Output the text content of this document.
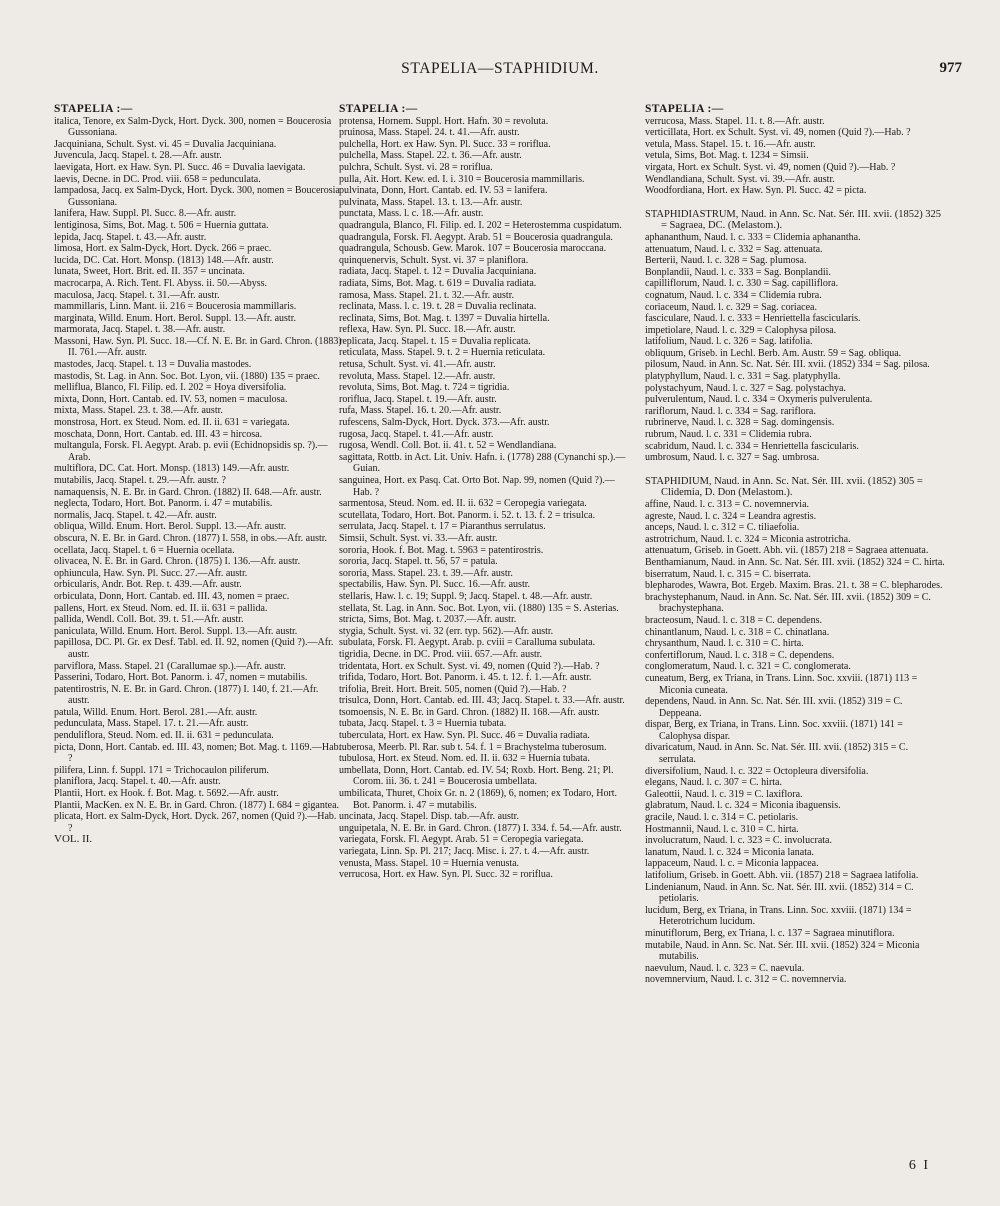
STAPELIA—STAPHIDIUM.	977

STAPELIA :—

italica, Tenore, ex Salm-Dyck, Hort. Dyck. 300, nomen = Boucerosia Gussoniana.

Jacquiniana, Schult. Syst. vi. 45 = Duvalia Jacquiniana.

Juvencula, Jacq. Stapel. t. 28.—Afr. austr.

laevigata, Hort. ex Haw. Syn. Pl. Succ. 46 = Duvalia laevigata.

laevis, Decne. in DC. Prod. viii. 658 = pedunculata.

lampadosa, Jacq. ex Salm-Dyck, Hort. Dyck. 300, nomen = Boucerosia Gussoniana.

lanifera, Haw. Suppl. Pl. Succ. 8.—Afr. austr.

lentiginosa, Sims, Bot. Mag. t. 506 = Huernia guttata.

lepida, Jacq. Stapel. t. 43.—Afr. austr.

limosa, Hort. ex Salm-Dyck, Hort. Dyck. 266 = praec.

lucida, DC. Cat. Hort. Monsp. (1813) 148.—Afr. austr.

lunata, Sweet, Hort. Brit. ed. II. 357 = uncinata.

macrocarpa, A. Rich. Tent. Fl. Abyss. ii. 50.—Abyss.

maculosa, Jacq. Stapel. t. 31.—Afr. austr.

mammillaris, Linn. Mant. ii. 216 = Boucerosia mammillaris.

marginata, Willd. Enum. Hort. Berol. Suppl. 13.—Afr. austr.

marmorata, Jacq. Stapel. t. 38.—Afr. austr.

Massoni, Haw. Syn. Pl. Succ. 18.—Cf. N. E. Br. in Gard. Chron. (1883) II. 761.—Afr. austr.

mastodes, Jacq. Stapel. t. 13 = Duvalia mastodes.

mastodis, St. Lag. in Ann. Soc. Bot. Lyon, vii. (1880) 135 = praec.

melliflua, Blanco, Fl. Filip. ed. I. 202 = Hoya diversifolia.

mixta, Donn, Hort. Cantab. ed. IV. 53, nomen = maculosa.

mixta, Mass. Stapel. 23. t. 38.—Afr. austr.

monstrosa, Hort. ex Steud. Nom. ed. II. ii. 631 = variegata.

moschata, Donn, Hort. Cantab. ed. III. 43 = hircosa.

multangula, Forsk. Fl. Aegypt. Arab. p. evii (Echidnopsidis sp. ?).—Arab.

multiflora, DC. Cat. Hort. Monsp. (1813) 149.—Afr. austr.

mutabilis, Jacq. Stapel. t. 29.—Afr. austr. ?

namaquensis, N. E. Br. in Gard. Chron. (1882) II. 648.—Afr. austr.

neglecta, Todaro, Hort. Bot. Panorm. i. 47 = mutabilis.

normalis, Jacq. Stapel. t. 42.—Afr. austr.

obliqua, Willd. Enum. Hort. Berol. Suppl. 13.—Afr. austr.

obscura, N. E. Br. in Gard. Chron. (1877) I. 558, in obs.—Afr. austr.

ocellata, Jacq. Stapel. t. 6 = Huernia ocellata.

olivacea, N. E. Br. in Gard. Chron. (1875) I. 136.—Afr. austr.

ophiuncula, Haw. Syn. Pl. Succ. 27.—Afr. austr.

orbicularis, Andr. Bot. Rep. t. 439.—Afr. austr.

orbiculata, Donn, Hort. Cantab. ed. III. 43, nomen = praec.

pallens, Hort. ex Steud. Nom. ed. II. ii. 631 = pallida.

pallida, Wendl. Coll. Bot. 39. t. 51.—Afr. austr.

paniculata, Willd. Enum. Hort. Berol. Suppl. 13.—Afr. austr.

papillosa, DC. Pl. Gr. ex Desf. Tabl. ed. II. 92, nomen (Quid ?).—Afr. austr.

parviflora, Mass. Stapel. 21 (Carallumae sp.).—Afr. austr.

Passerini, Todaro, Hort. Bot. Panorm. i. 47, nomen = mutabilis.

patentirostris, N. E. Br. in Gard. Chron. (1877) I. 140, f. 21.—Afr. austr.

patula, Willd. Enum. Hort. Berol. 281.—Afr. austr.

pedunculata, Mass. Stapel. 17. t. 21.—Afr. austr.

penduliflora, Steud. Nom. ed. II. ii. 631 = pedunculata.

picta, Donn, Hort. Cantab. ed. III. 43, nomen; Bot. Mag. t. 1169.—Hab. ?

pilifera, Linn. f. Suppl. 171 = Trichocaulon piliferum.

planiflora, Jacq. Stapel. t. 40.—Afr. austr.

Plantii, Hort. ex Hook. f. Bot. Mag. t. 5692.—Afr. austr.

Plantii, MacKen. ex N. E. Br. in Gard. Chron. (1877) I. 684 = gigantea.

plicata, Hort. ex Salm-Dyck, Hort. Dyck. 267, nomen (Quid ?).—Hab. ?

VOL. II.

STAPELIA :—

protensa, Hornem. Suppl. Hort. Hafn. 30 = revoluta.

pruinosa, Mass. Stapel. 24. t. 41.—Afr. austr.

pulchella, Hort. ex Haw. Syn. Pl. Succ. 33 = roriflua.

pulchella, Mass. Stapel. 22. t. 36.—Afr. austr.

pulchra, Schult. Syst. vi. 28 = roriflua.

pulla, Ait. Hort. Kew. ed. I. i. 310 = Boucerosia mammillaris.

pulvinata, Donn, Hort. Cantab. ed. IV. 53 = lanifera.

pulvinata, Mass. Stapel. 13. t. 13.—Afr. austr.

punctata, Mass. l. c. 18.—Afr. austr.

quadrangula, Blanco, Fl. Filip. ed. I. 202 = Heterostemma cuspidatum.

quadrangula, Forsk. Fl. Aegypt. Arab. 51 = Boucerosia quadrangula.

quadrangula, Schousb. Gew. Marok. 107 = Boucerosia maroccana.

quinquenervis, Schult. Syst. vi. 37 = planiflora.

radiata, Jacq. Stapel. t. 12 = Duvalia Jacquiniana.

radiata, Sims, Bot. Mag. t. 619 = Duvalia radiata.

ramosa, Mass. Stapel. 21. t. 32.—Afr. austr.

reclinata, Mass. l. c. 19. t. 28 = Duvalia reclinata.

reclinata, Sims, Bot. Mag. t. 1397 = Duvalia hirtella.

reflexa, Haw. Syn. Pl. Succ. 18.—Afr. austr.

replicata, Jacq. Stapel. t. 15 = Duvalia replicata.

reticulata, Mass. Stapel. 9. t. 2 = Huernia reticulata.

retusa, Schult. Syst. vi. 41.—Afr. austr.

revoluta, Mass. Stapel. 12.—Afr. austr.

revoluta, Sims, Bot. Mag. t. 724 = tigridia.

roriflua, Jacq. Stapel. t. 19.—Afr. austr.

rufa, Mass. Stapel. 16. t. 20.—Afr. austr.

rufescens, Salm-Dyck, Hort. Dyck. 373.—Afr. austr.

rugosa, Jacq. Stapel. t. 41.—Afr. austr.

rugosa, Wendl. Coll. Bot. ii. 41. t. 52 = Wendlandiana.

sagittata, Rottb. in Act. Lit. Univ. Hafn. i. (1778) 288 (Cynanchi sp.).—Guian.

sanguinea, Hort. ex Pasq. Cat. Orto Bot. Nap. 99, nomen (Quid ?).—Hab. ?

sarmentosa, Steud. Nom. ed. II. ii. 632 = Ceropegia variegata.

scutellata, Todaro, Hort. Bot. Panorm. i. 52. t. 13. f. 2 = trisulca.

serrulata, Jacq. Stapel. t. 17 = Piaranthus serrulatus.

Simsii, Schult. Syst. vi. 33.—Afr. austr.

sororia, Hook. f. Bot. Mag. t. 5963 = patentirostris.

sororia, Jacq. Stapel. tt. 56, 57 = patula.

sororia, Mass. Stapel. 23. t. 39.—Afr. austr.

spectabilis, Haw. Syn. Pl. Succ. 16.—Afr. austr.

stellaris, Haw. l. c. 19; Suppl. 9; Jacq. Stapel. t. 48.—Afr. austr.

stellata, St. Lag. in Ann. Soc. Bot. Lyon, vii. (1880) 135 = S. Asterias.

stricta, Sims, Bot. Mag. t. 2037.—Afr. austr.

stygia, Schult. Syst. vi. 32 (err. typ. 562).—Afr. austr.

subulata, Forsk. Fl. Aegypt. Arab. p. cviii = Caralluma subulata.

tigridia, Decne. in DC. Prod. viii. 657.—Afr. austr.

tridentata, Hort. ex Schult. Syst. vi. 49, nomen (Quid ?).—Hab. ?

trifida, Todaro, Hort. Bot. Panorm. i. 45. t. 12. f. 1.—Afr. austr.

trifolia, Breit. Hort. Breit. 505, nomen (Quid ?).—Hab. ?

trisulca, Donn, Hort. Cantab. ed. III. 43; Jacq. Stapel. t. 33.—Afr. austr.

tsomoensis, N. E. Br. in Gard. Chron. (1882) II. 168.—Afr. austr.

tubata, Jacq. Stapel. t. 3 = Huernia tubata.

tuberculata, Hort. ex Haw. Syn. Pl. Succ. 46 = Duvalia radiata.

tuberosa, Meerb. Pl. Rar. sub t. 54. f. 1 = Brachystelma tuberosum.

tubulosa, Hort. ex Steud. Nom. ed. II. ii. 632 = Huernia tubata.

umbellata, Donn, Hort. Cantab. ed. IV. 54; Roxb. Hort. Beng. 21; Pl. Corom. iii. 36. t. 241 = Boucerosia umbellata.

umbilicata, Thuret, Choix Gr. n. 2 (1869), 6, nomen; ex Todaro, Hort. Bot. Panorm. i. 47 = mutabilis.

uncinata, Jacq. Stapel. Disp. tab.—Afr. austr.

unguipetala, N. E. Br. in Gard. Chron. (1877) I. 334. f. 54.—Afr. austr.

variegata, Forsk. Fl. Aegypt. Arab. 51 = Ceropegia variegata.

variegata, Linn. Sp. Pl. 217; Jacq. Misc. i. 27. t. 4.—Afr. austr.

venusta, Mass. Stapel. 10 = Huernia venusta.

verrucosa, Hort. ex Haw. Syn. Pl. Succ. 32 = roriflua.

STAPELIA :—

verrucosa, Mass. Stapel. 11. t. 8.—Afr. austr.

verticillata, Hort. ex Schult. Syst. vi. 49, nomen (Quid ?).—Hab. ?

vetula, Mass. Stapel. 15. t. 16.—Afr. austr.

vetula, Sims, Bot. Mag. t. 1234 = Simsii.

virgata, Hort. ex Schult. Syst. vi. 49, nomen (Quid ?).—Hab. ?

Wendlandiana, Schult. Syst. vi. 39.—Afr. austr.

Woodfordiana, Hort. ex Haw. Syn. Pl. Succ. 42 = picta.

STAPHIDIASTRUM, Naud. in Ann. Sc. Nat. Sér. III. xvii. (1852) 325 = Sagraea, DC. (Melastom.).

aphananthum, Naud. l. c. 333 = Clidemia aphanantha.

attenuatum, Naud. l. c. 332 = Sag. attenuata.

Berterii, Naud. l. c. 328 = Sag. plumosa.

Bonplandii, Naud. l. c. 333 = Sag. Bonplandii.

capilliflorum, Naud. l. c. 330 = Sag. capilliflora.

cognatum, Naud. l. c. 334 = Clidemia rubra.

coriaceum, Naud. l. c. 329 = Sag. coriacea.

fasciculare, Naud. l. c. 333 = Henriettella fascicularis.

impetiolare, Naud. l. c. 329 = Calophysa pilosa.

latifolium, Naud. l. c. 326 = Sag. latifolia.

obliquum, Griseb. in Lechl. Berb. Am. Austr. 59 = Sag. obliqua.

pilosum, Naud. in Ann. Sc. Nat. Sér. III. xvii. (1852) 334 = Sag. pilosa.

platyphyllum, Naud. l. c. 331 = Sag. platyphylla.

polystachyum, Naud. l. c. 327 = Sag. polystachya.

pulverulentum, Naud. l. c. 334 = Oxymeris pulverulenta.

rariflorum, Naud. l. c. 334 = Sag. rariflora.

rubrinerve, Naud. l. c. 328 = Sag. domingensis.

rubrum, Naud. l. c. 331 = Clidemia rubra.

scabridum, Naud. l. c. 334 = Henriettella fascicularis.

umbrosum, Naud. l. c. 327 = Sag. umbrosa.

STAPHIDIUM, Naud. in Ann. Sc. Nat. Sér. III. xvii. (1852) 305 = Clidemia, D. Don (Melastom.).

affine, Naud. l. c. 313 = C. novemnervia.

agreste, Naud. l. c. 324 = Leandra agrestis.

anceps, Naud. l. c. 312 = C. tiliaefolia.

astrotrichum, Naud. l. c. 324 = Miconia astrotricha.

attenuatum, Griseb. in Goett. Abh. vii. (1857) 218 = Sagraea attenuata.

Benthamianum, Naud. in Ann. Sc. Nat. Sér. III. xvii. (1852) 324 = C. hirta.

biserratum, Naud. l. c. 315 = C. biserrata.

blepharodes, Wawra, Bot. Ergeb. Maxim. Bras. 21. t. 38 = C. blepharodes.

brachystephanum, Naud. in Ann. Sc. Nat. Sér. III. xvii. (1852) 309 = C. brachystephana.

bracteosum, Naud. l. c. 318 = C. dependens.

chinantlanum, Naud. l. c. 318 = C. chinatlana.

chrysanthum, Naud. l. c. 310 = C. hirta.

confertiflorum, Naud. l. c. 318 = C. dependens.

conglomeratum, Naud. l. c. 321 = C. conglomerata.

cuneatum, Berg, ex Triana, in Trans. Linn. Soc. xxviii. (1871) 113 = Miconia cuneata.

dependens, Naud. in Ann. Sc. Nat. Sér. III. xvii. (1852) 319 = C. Deppeana.

dispar, Berg, ex Triana, in Trans. Linn. Soc. xxviii. (1871) 141 = Calophysa dispar.

divaricatum, Naud. in Ann. Sc. Nat. Sér. III. xvii. (1852) 315 = C. serrulata.

diversifolium, Naud. l. c. 322 = Octopleura diversifolia.

elegans, Naud. l. c. 307 = C. hirta.

Galeottii, Naud. l. c. 319 = C. laxiflora.

glabratum, Naud. l. c. 324 = Miconia ibaguensis.

gracile, Naud. l. c. 314 = C. petiolaris.

Hostmannii, Naud. l. c. 310 = C. hirta.

involucratum, Naud. l. c. 323 = C. involucrata.

lanatum, Naud. l. c. 324 = Miconia lanata.

lappaceum, Naud. l. c. = Miconia lappacea.

latifolium, Griseb. in Goett. Abh. vii. (1857) 218 = Sagraea latifolia.

Lindenianum, Naud. in Ann. Sc. Nat. Sér. III. xvii. (1852) 314 = C. petiolaris.

lucidum, Berg, ex Triana, in Trans. Linn. Soc. xxviii. (1871) 134 = Heterotrichum lucidum.

minutiflorum, Berg, ex Triana, l. c. 137 = Sagraea minutiflora.

mutabile, Naud. in Ann. Sc. Nat. Sér. III. xvii. (1852) 324 = Miconia mutabilis.

naevulum, Naud. l. c. 323 = C. naevula.

novemnervium, Naud. l. c. 312 = C. novemnervia.

6 I
